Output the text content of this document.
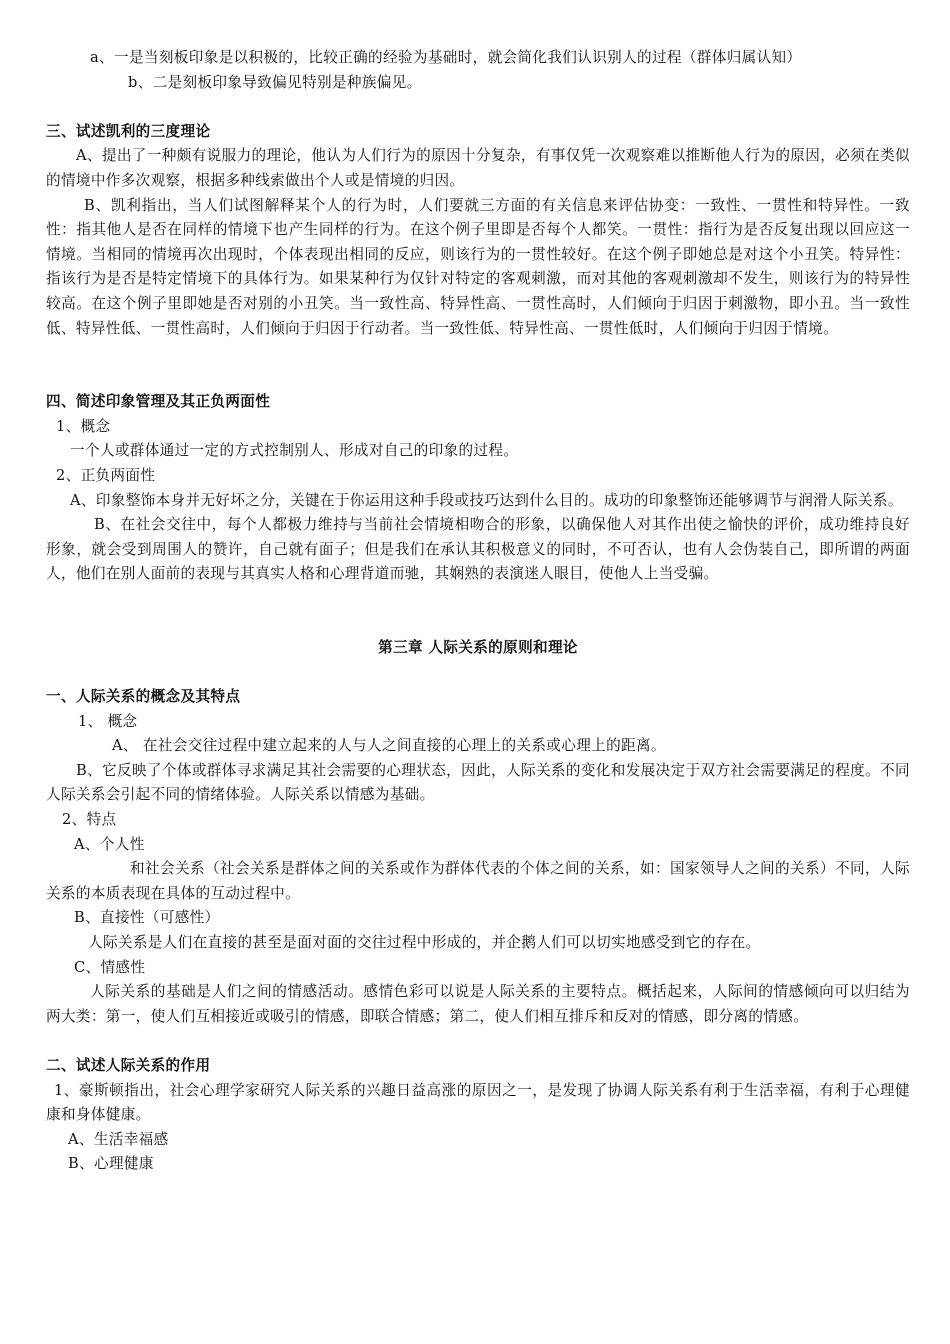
a、一是当刻板印象是以积极的，比较正确的经验为基础时，就会简化我们认识别人的过程（群体归属认知）

b、二是刻板印象导致偏见特别是种族偏见。

三、试述凯利的三度理论

A、提出了一种颇有说服力的理论，他认为人们行为的原因十分复杂，有事仅凭一次观察难以推断他人行为的原因，必须在类似的情境中作多次观察，根据多种线索做出个人或是情境的归因。

B、凯利指出，当人们试图解释某个人的行为时，人们要就三方面的有关信息来评估协变：一致性、一贯性和特异性。一致性：指其他人是否在同样的情境下也产生同样的行为。在这个例子里即是否每个人都笑。一贯性：指行为是否反复出现以回应这一情境。当相同的情境再次出现时，个体表现出相同的反应，则该行为的一贯性较好。在这个例子即她总是对这个小丑笑。特异性：指该行为是否是特定情境下的具体行为。如果某种行为仅针对特定的客观刺激，而对其他的客观刺激却不发生，则该行为的特异性较高。在这个例子里即她是否对别的小丑笑。当一致性高、特异性高、一贯性高时，人们倾向于归因于刺激物，即小丑。当一致性低、特异性低、一贯性高时，人们倾向于归因于行动者。当一致性低、特异性高、一贯性低时，人们倾向于归因于情境。

四、简述印象管理及其正负两面性

1、概念

一个人或群体通过一定的方式控制别人、形成对自己的印象的过程。

2、正负两面性

A、印象整饰本身并无好坏之分，关键在于你运用这种手段或技巧达到什么目的。成功的印象整饰还能够调节与润滑人际关系。

B、在社会交往中，每个人都极力维持与当前社会情境相吻合的形象，以确保他人对其作出使之愉快的评价，成功维持良好形象，就会受到周围人的赞许，自己就有面子；但是我们在承认其积极意义的同时，不可否认，也有人会伪装自己，即所谓的两面人，他们在别人面前的表现与其真实人格和心理背道而驰，其娴熟的表演迷人眼目，使他人上当受骗。

第三章 人际关系的原则和理论

一、人际关系的概念及其特点

1、 概念

A、 在社会交往过程中建立起来的人与人之间直接的心理上的关系或心理上的距离。

B、它反映了个体或群体寻求满足其社会需要的心理状态，因此，人际关系的变化和发展决定于双方社会需要满足的程度。不同人际关系会引起不同的情绪体验。人际关系以情感为基础。

2、特点

A、个人性

和社会关系（社会关系是群体之间的关系或作为群体代表的个体之间的关系，如：国家领导人之间的关系）不同，人际关系的本质表现在具体的互动过程中。

B、直接性（可感性）

人际关系是人们在直接的甚至是面对面的交往过程中形成的，并企鹅人们可以切实地感受到它的存在。

C、情感性

人际关系的基础是人们之间的情感活动。感情色彩可以说是人际关系的主要特点。概括起来，人际间的情感倾向可以归结为两大类：第一，使人们互相接近或吸引的情感，即联合情感；第二，使人们相互排斥和反对的情感，即分离的情感。

二、试述人际关系的作用

1、豪斯顿指出，社会心理学家研究人际关系的兴趣日益高涨的原因之一，是发现了协调人际关系有利于生活幸福，有利于心理健康和身体健康。

A、生活幸福感

B、心理健康
